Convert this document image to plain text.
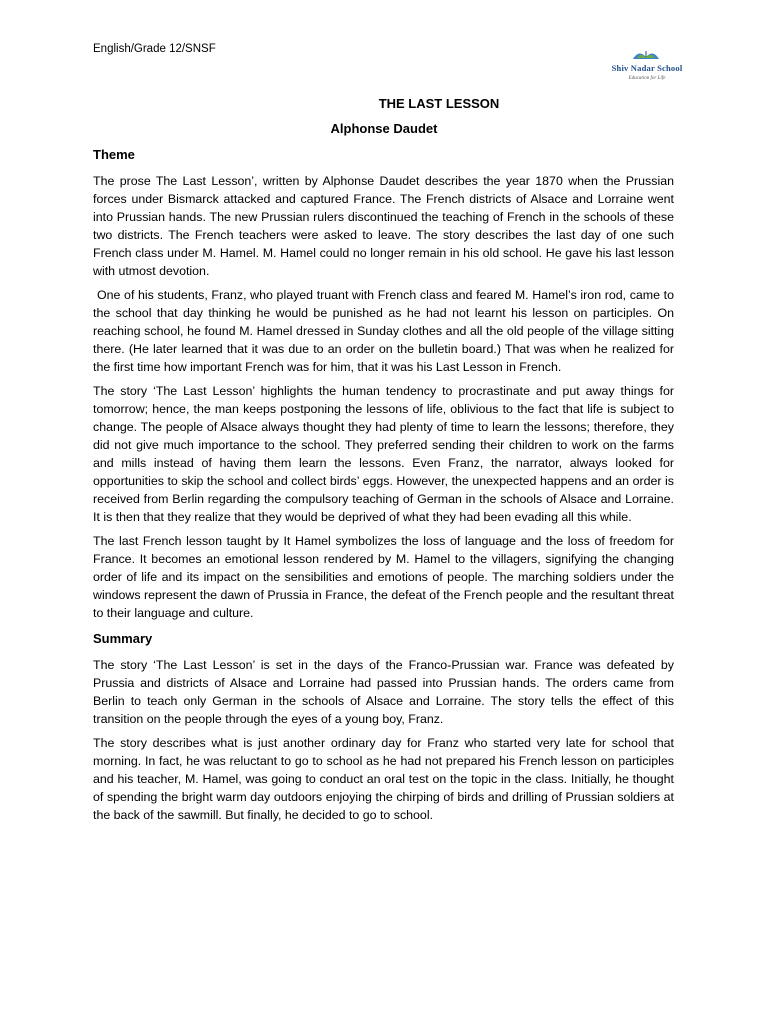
English/Grade 12/SNSF
Shiv Nadar School
Education for Life
THE LAST LESSON
Alphonse Daudet
Theme

The prose The Last Lesson’, written by Alphonse Daudet describes the year 1870 when the Prussian forces under Bismarck attacked and captured France. The French districts of Alsace and Lorraine went into Prussian hands. The new Prussian rulers discontinued the teaching of French in the schools of these two districts. The French teachers were asked to leave. The story describes the last day of one such French class under M. Hamel. M. Hamel could no longer remain in his old school. He gave his last lesson with utmost devotion.

One of his students, Franz, who played truant with French class and feared M. Hamel’s iron rod, came to the school that day thinking he would be punished as he had not learnt his lesson on participles. On reaching school, he found M. Hamel dressed in Sunday clothes and all the old people of the village sitting there. (He later learned that it was due to an order on the bulletin board.) That was when he realized for the first time how important French was for him, that it was his Last Lesson in French.

The story ‘The Last Lesson’ highlights the human tendency to procrastinate and put away things for tomorrow; hence, the man keeps postponing the lessons of life, oblivious to the fact that life is subject to change. The people of Alsace always thought they had plenty of time to learn the lessons; therefore, they did not give much importance to the school. They preferred sending their children to work on the farms and mills instead of having them learn the lessons. Even Franz, the narrator, always looked for opportunities to skip the school and collect birds’ eggs. However, the unexpected happens and an order is received from Berlin regarding the compulsory teaching of German in the schools of Alsace and Lorraine. It is then that they realize that they would be deprived of what they had been evading all this while.

The last French lesson taught by It Hamel symbolizes the loss of language and the loss of freedom for France. It becomes an emotional lesson rendered by M. Hamel to the villagers, signifying the changing order of life and its impact on the sensibilities and emotions of people. The marching soldiers under the windows represent the dawn of Prussia in France, the defeat of the French people and the resultant threat to their language and culture.

Summary

The story ‘The Last Lesson’ is set in the days of the Franco-Prussian war. France was defeated by Prussia and districts of Alsace and Lorraine had passed into Prussian hands. The orders came from Berlin to teach only German in the schools of Alsace and Lorraine. The story tells the effect of this transition on the people through the eyes of a young boy, Franz.

The story describes what is just another ordinary day for Franz who started very late for school that morning. In fact, he was reluctant to go to school as he had not prepared his French lesson on participles and his teacher, M. Hamel, was going to conduct an oral test on the topic in the class. Initially, he thought of spending the bright warm day outdoors enjoying the chirping of birds and drilling of Prussian soldiers at the back of the sawmill. But finally, he decided to go to school.
